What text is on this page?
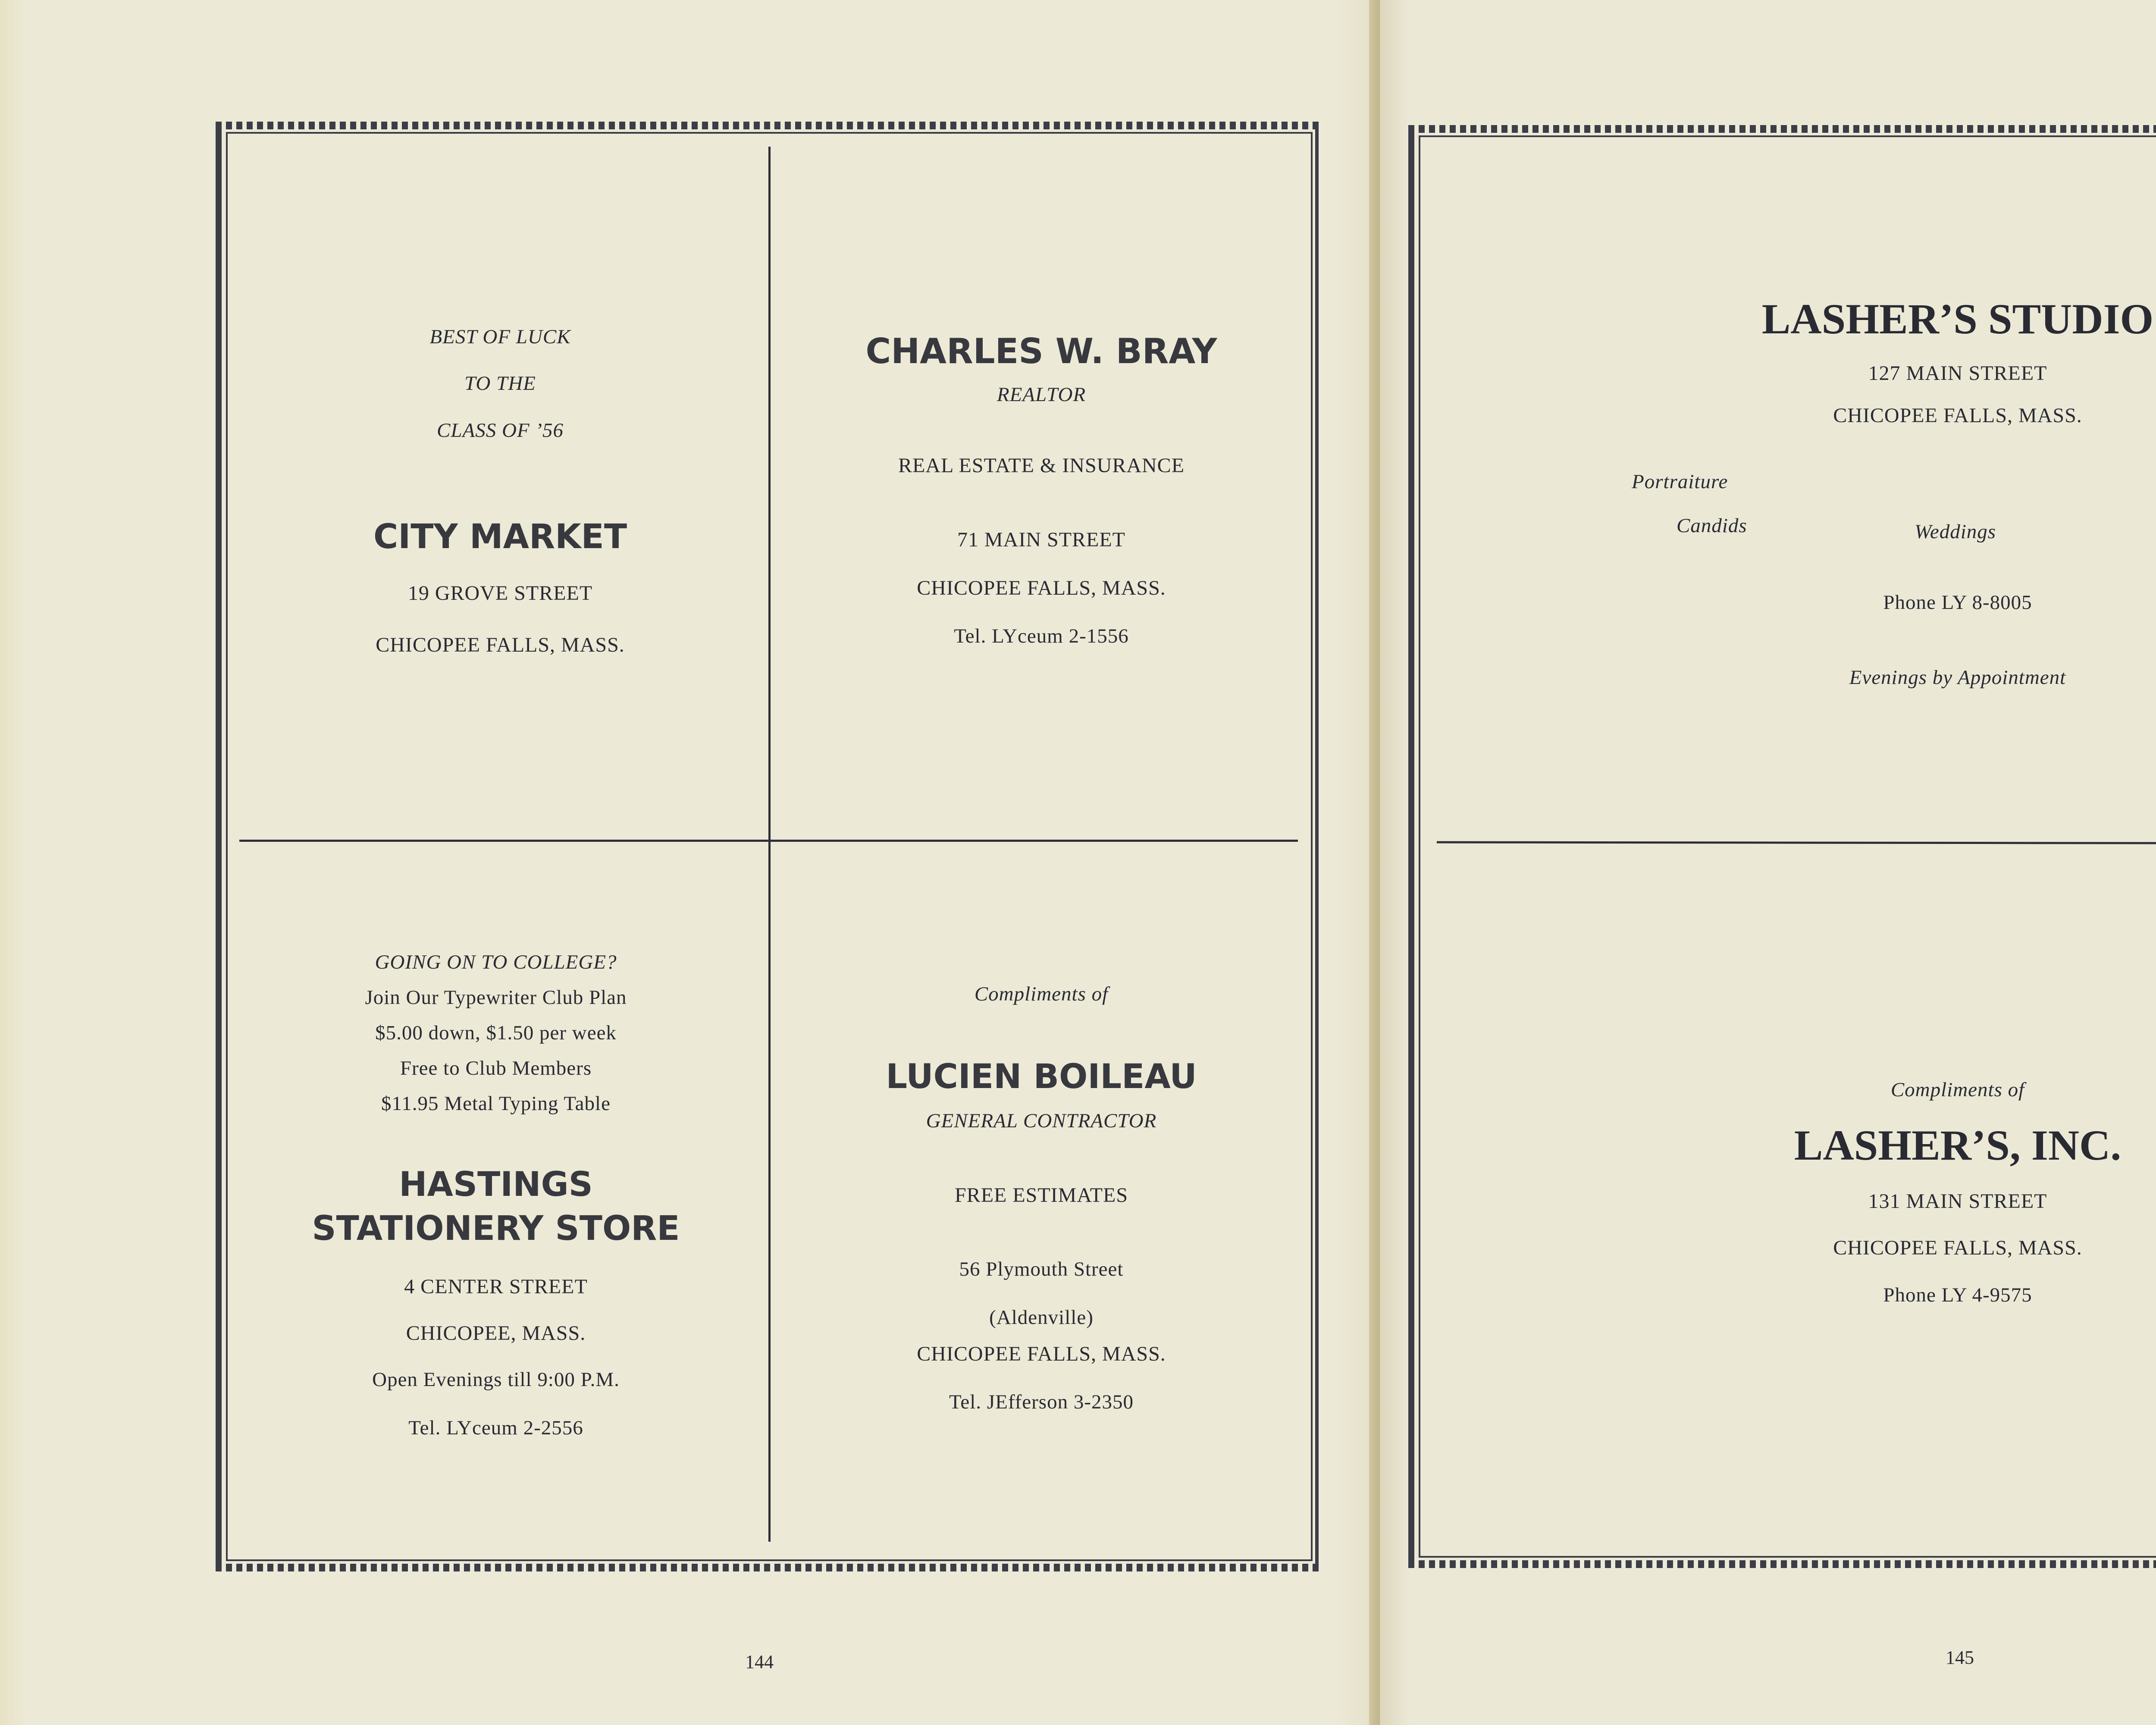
BEST OF LUCK
TO THE
CLASS OF ’56
CITY MARKET
19 GROVE STREET
CHICOPEE FALLS, MASS.
CHARLES W. BRAY
REALTOR
REAL ESTATE & INSURANCE
71 MAIN STREET
CHICOPEE FALLS, MASS.
Tel. LYceum 2-1556
GOING ON TO COLLEGE?
Join Our Typewriter Club Plan
$5.00 down, $1.50 per week
Free to Club Members
$11.95 Metal Typing Table
HASTINGS
STATIONERY STORE
4 CENTER STREET
CHICOPEE, MASS.
Open Evenings till 9:00 P.M.
Tel. LYceum 2-2556
Compliments of
LUCIEN BOILEAU
GENERAL CONTRACTOR
FREE ESTIMATES
56 Plymouth Street
(Aldenville)
CHICOPEE FALLS, MASS.
Tel. JEfferson 3-2350
144
LASHER’S STUDIO
127 MAIN STREET
CHICOPEE FALLS, MASS.
Phone LY 8-8005
Evenings by Appointment
Portraiture
Candids	Weddings
Compliments of
LASHER’S, INC.
131 MAIN STREET
CHICOPEE FALLS, MASS.
Phone LY 4-9575
145
